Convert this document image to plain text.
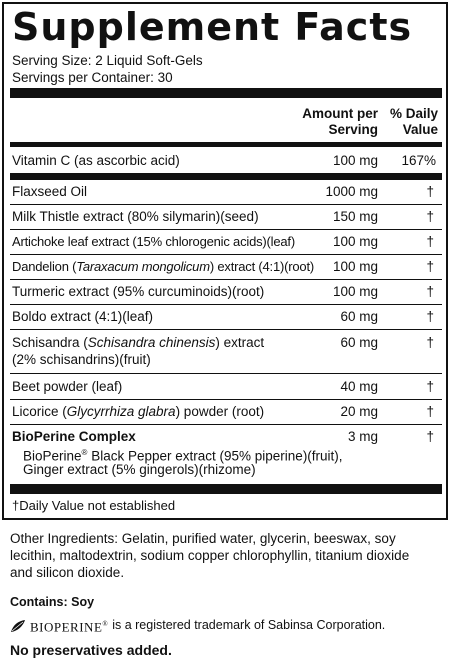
Supplement Facts
Serving Size: 2 Liquid Soft-Gels
Servings per Container: 30
Amount per
Serving
% Daily
Value
Vitamin C (as ascorbic acid)	100 mg	167%
Flaxseed Oil	1000 mg	†
Milk Thistle extract (80% silymarin)(seed)	150 mg	†
Artichoke leaf extract (15% chlorogenic acids)(leaf)	100 mg	†
Dandelion (Taraxacum mongolicum) extract (4:1)(root)	100 mg	†
Turmeric extract (95% curcuminoids)(root)	100 mg	†
Boldo extract (4:1)(leaf)	60 mg	†
Schisandra (Schisandra chinensis) extract
(2% schisandrins)(fruit)
60 mg	†
Beet powder (leaf)	40 mg	†
Licorice (Glycyrrhiza glabra) powder (root)	20 mg	†
BioPerine Complex	3 mg	†
BioPerine® Black Pepper extract (95% piperine)(fruit),
Ginger extract (5% gingerols)(rhizome)
†Daily Value not established
Other Ingredients: Gelatin, purified water, glycerin, beeswax, soy lecithin, maltodextrin, sodium copper chlorophyllin, titanium dioxide and silicon dioxide.
Contains: Soy
BIOPERINE® is a registered trademark of Sabinsa Corporation.
No preservatives added.
